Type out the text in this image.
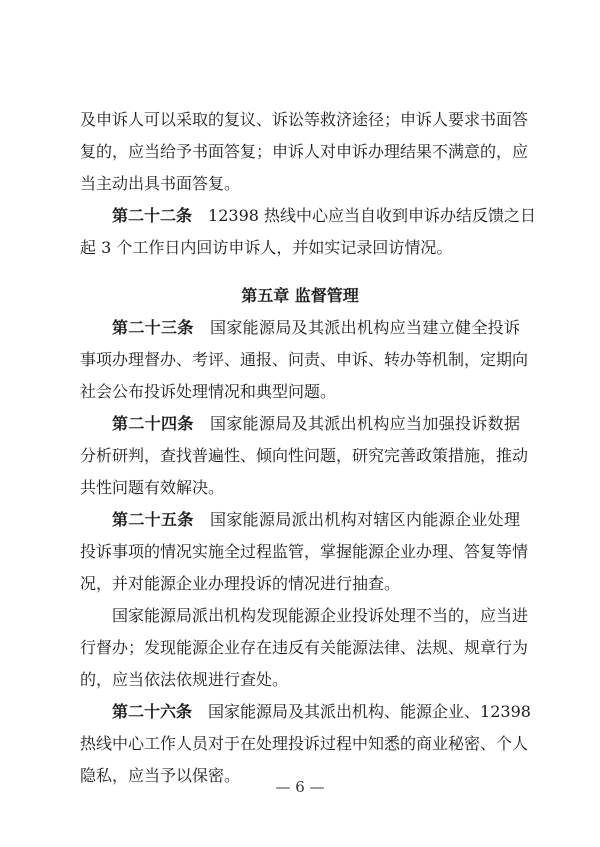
及申诉人可以采取的复议、诉讼等救济途径；申诉人要求书面答
复的，应当给予书面答复；申诉人对申诉办理结果不满意的，应
当主动出具书面答复。
第二十二条　 12398 热线中心应当自收到申诉办结反馈之日
起 3 个工作日内回访申诉人，并如实记录回访情况。
第五章 监督管理
第二十三条　 国家能源局及其派出机构应当建立健全投诉
事项办理督办、考评、通报、问责、申诉、转办等机制，定期向
社会公布投诉处理情况和典型问题。
第二十四条　 国家能源局及其派出机构应当加强投诉数据
分析研判，查找普遍性、倾向性问题，研究完善政策措施，推动
共性问题有效解决。
第二十五条　 国家能源局派出机构对辖区内能源企业处理
投诉事项的情况实施全过程监管，掌握能源企业办理、答复等情
况，并对能源企业办理投诉的情况进行抽查。
国家能源局派出机构发现能源企业投诉处理不当的，应当进
行督办；发现能源企业存在违反有关能源法律、法规、规章行为
的，应当依法依规进行查处。
第二十六条　 国家能源局及其派出机构、能源企业、12398
热线中心工作人员对于在处理投诉过程中知悉的商业秘密、个人
隐私，应当予以保密。
— 6 —
